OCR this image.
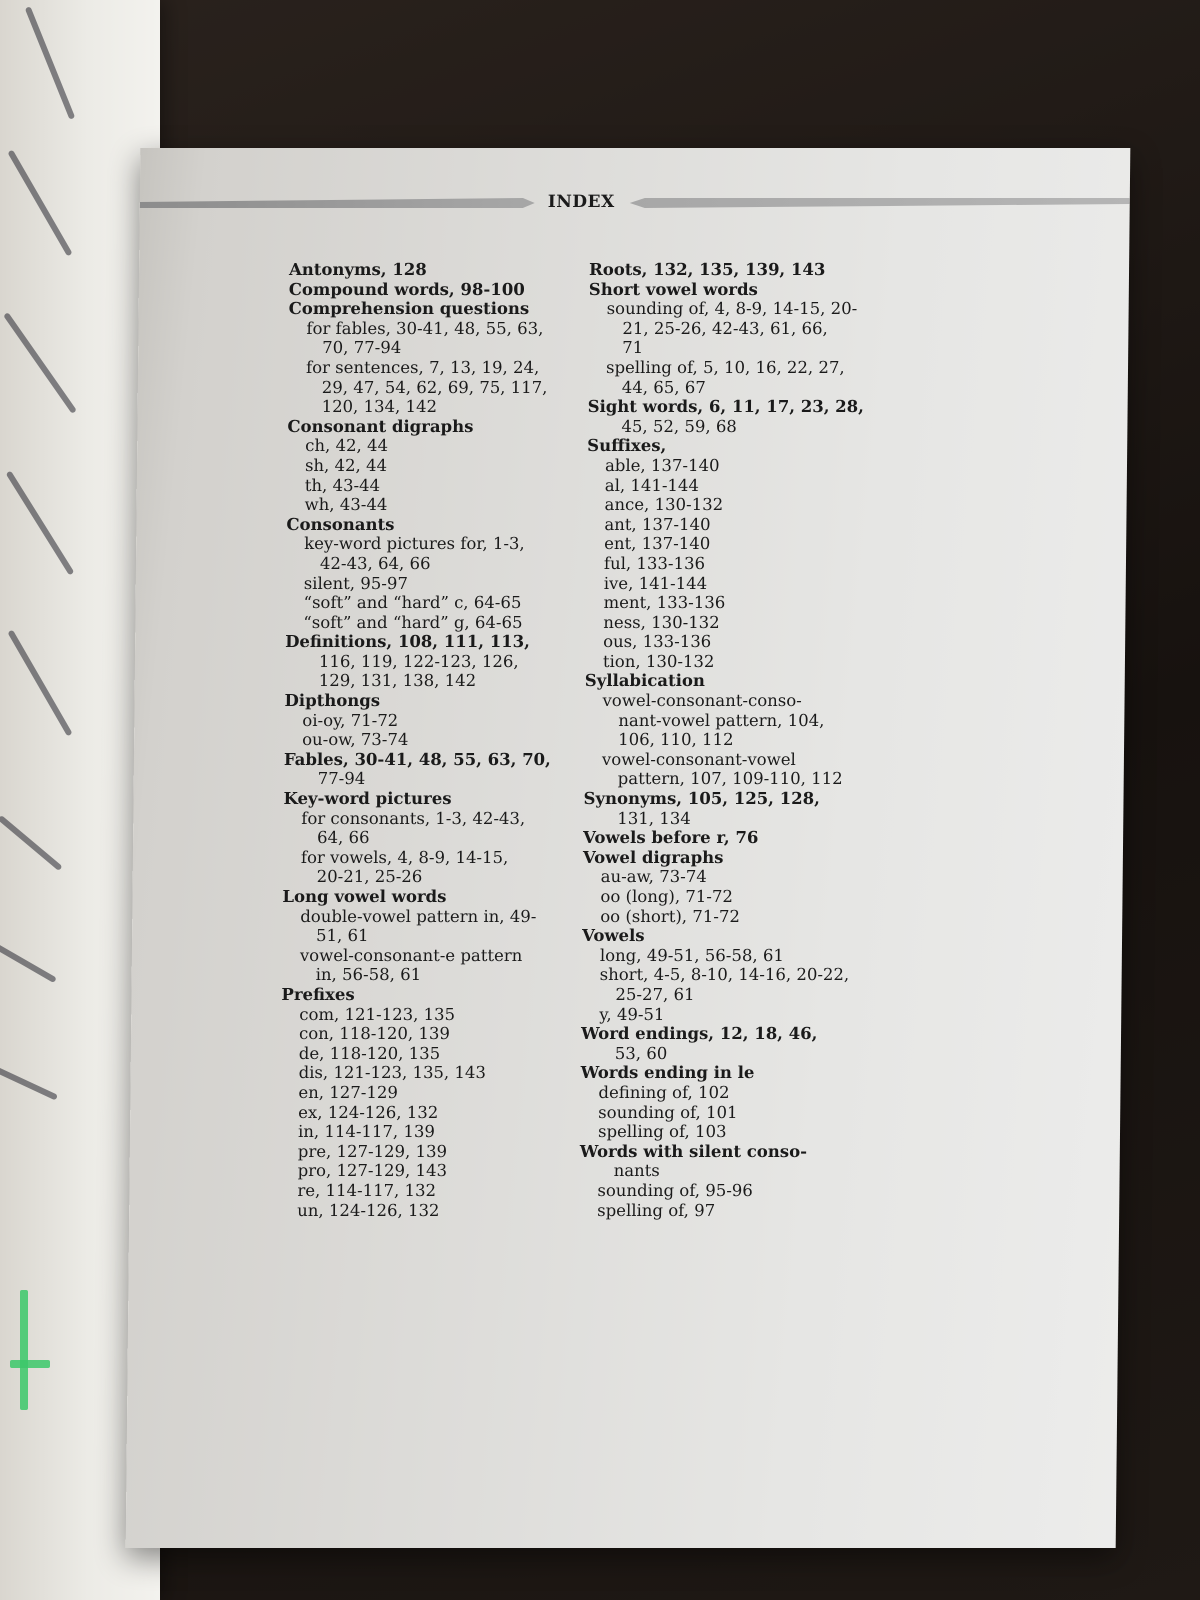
INDEX

Antonyms, 128

Compound words, 98-100

Comprehension questions

for fables, 30-41, 48, 55, 63,

70, 77-94

for sentences, 7, 13, 19, 24,

29, 47, 54, 62, 69, 75, 117,

120, 134, 142

Consonant digraphs

ch, 42, 44

sh, 42, 44

th, 43-44

wh, 43-44

Consonants

key-word pictures for, 1-3,

42-43, 64, 66

silent, 95-97

“soft” and “hard” c, 64-65

“soft” and “hard” g, 64-65

Definitions, 108, 111, 113,

116, 119, 122-123, 126,

129, 131, 138, 142

Dipthongs

oi-oy, 71-72

ou-ow, 73-74

Fables, 30-41, 48, 55, 63, 70,

77-94

Key-word pictures

for consonants, 1-3, 42-43,

64, 66

for vowels, 4, 8-9, 14-15,

20-21, 25-26

Long vowel words

double-vowel pattern in, 49-

51, 61

vowel-consonant-e pattern

in, 56-58, 61

Prefixes

com, 121-123, 135

con, 118-120, 139

de, 118-120, 135

dis, 121-123, 135, 143

en, 127-129

ex, 124-126, 132

in, 114-117, 139

pre, 127-129, 139

pro, 127-129, 143

re, 114-117, 132

un, 124-126, 132

Roots, 132, 135, 139, 143

Short vowel words

sounding of, 4, 8-9, 14-15, 20-

21, 25-26, 42-43, 61, 66,

71

spelling of, 5, 10, 16, 22, 27,

44, 65, 67

Sight words, 6, 11, 17, 23, 28,

45, 52, 59, 68

Suffixes,

able, 137-140

al, 141-144

ance, 130-132

ant, 137-140

ent, 137-140

ful, 133-136

ive, 141-144

ment, 133-136

ness, 130-132

ous, 133-136

tion, 130-132

Syllabication

vowel-consonant-conso-

nant-vowel pattern, 104,

106, 110, 112

vowel-consonant-vowel

pattern, 107, 109-110, 112

Synonyms, 105, 125, 128,

131, 134

Vowels before r, 76

Vowel digraphs

au-aw, 73-74

oo (long), 71-72

oo (short), 71-72

Vowels

long, 49-51, 56-58, 61

short, 4-5, 8-10, 14-16, 20-22,

25-27, 61

y, 49-51

Word endings, 12, 18, 46,

53, 60

Words ending in le

defining of, 102

sounding of, 101

spelling of, 103

Words with silent conso-

nants

sounding of, 95-96

spelling of, 97
